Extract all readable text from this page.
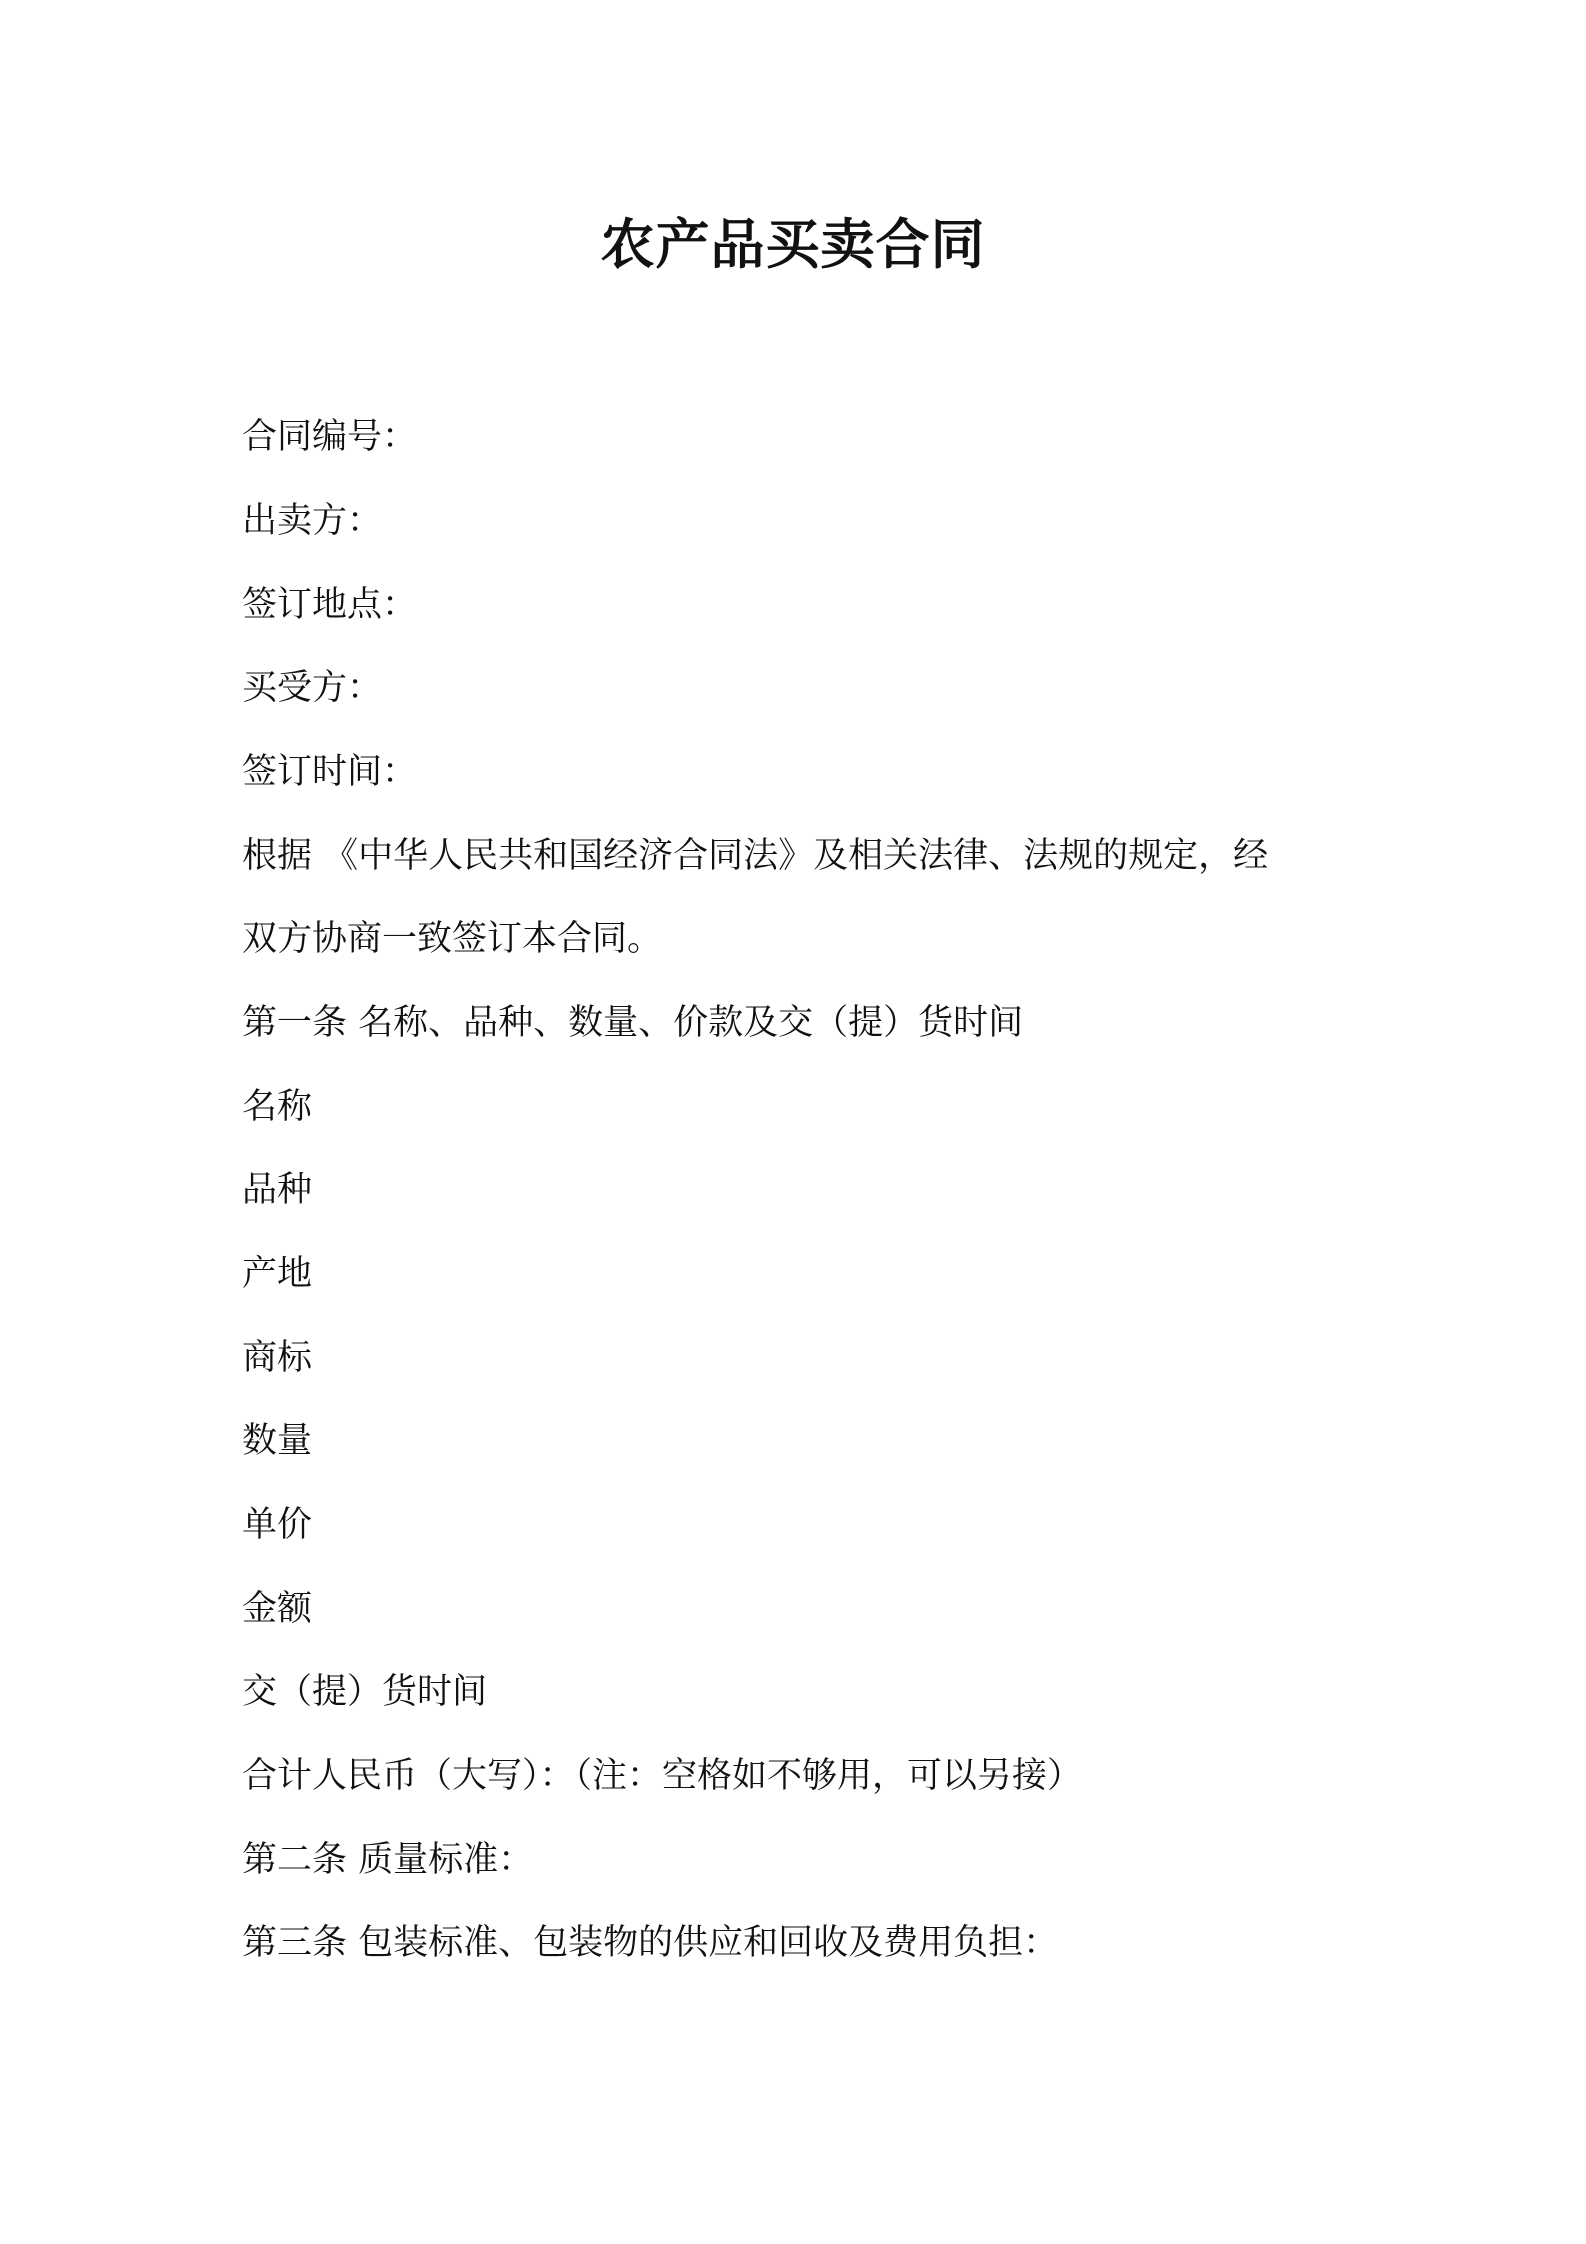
农产品买卖合同

合同编号：

出卖方：

签订地点：

买受方：

签订时间：

根据 《中华人民共和国经济合同法》及相关法律、法规的规定，经

双方协商一致签订本合同。

第一条 名称、品种、数量、价款及交（提）货时间

名称

品种

产地

商标

数量

单价

金额

交（提）货时间

合计人民币（大写）：（注：空格如不够用，可以另接）

第二条 质量标准：

第三条 包装标准、包装物的供应和回收及费用负担：
